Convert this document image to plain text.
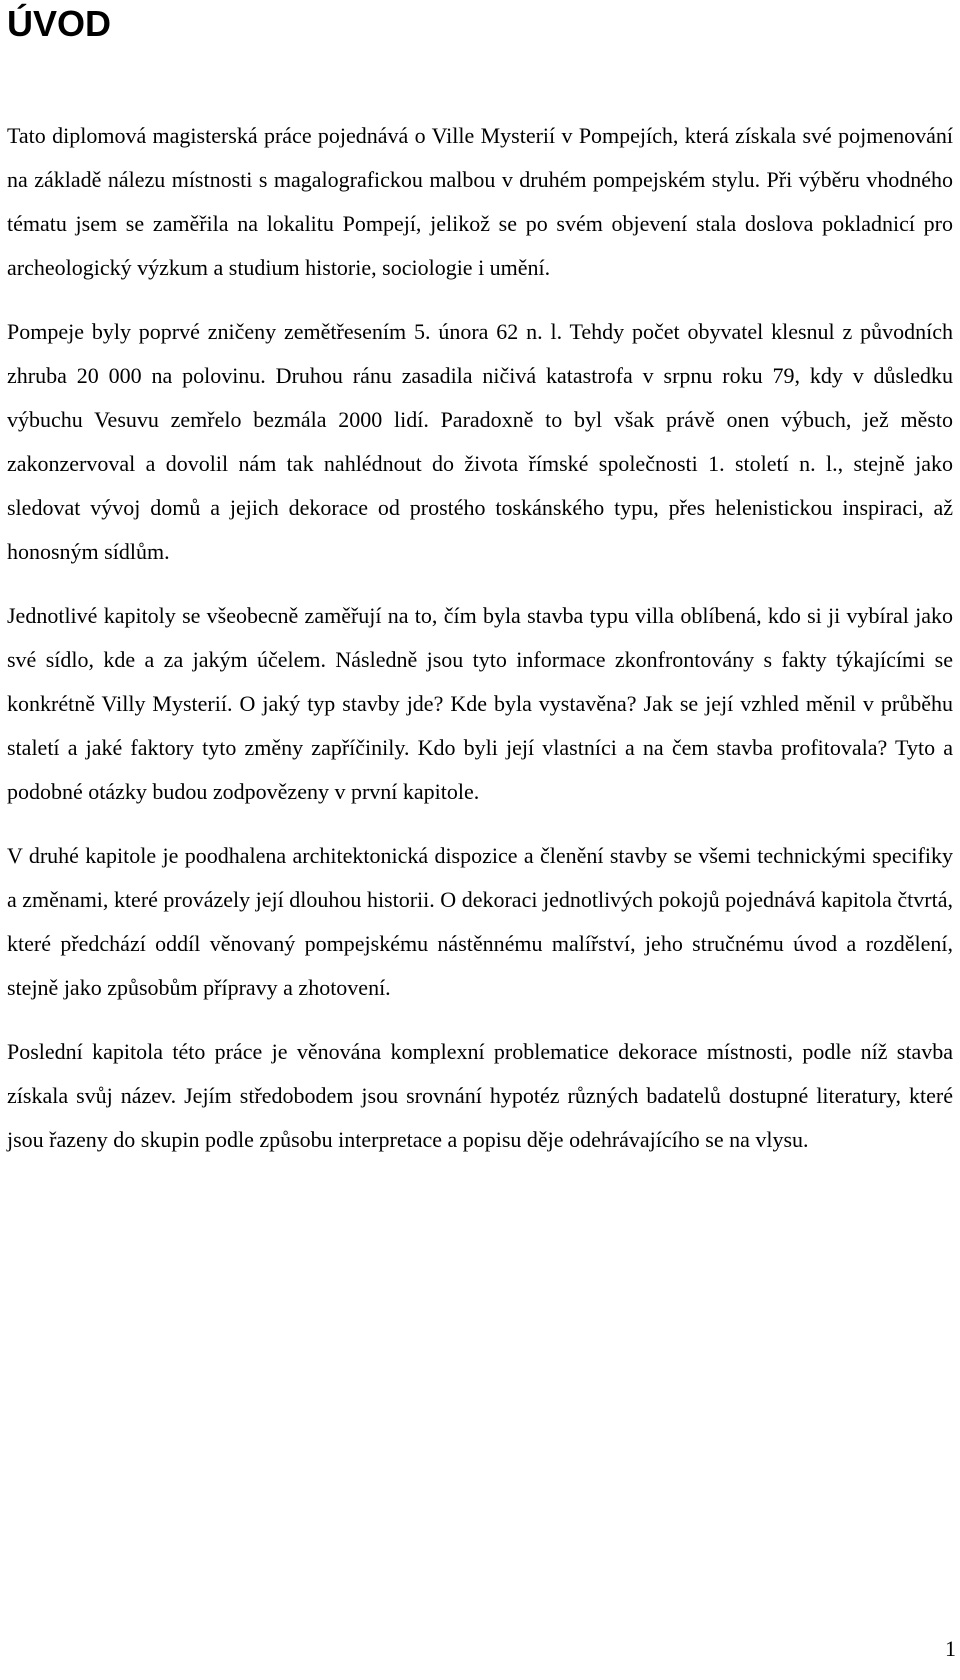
ÚVOD

Tato diplomová magisterská práce pojednává o Ville Mysterií v Pompejích, která získala své pojmenování na základě nálezu místnosti s magalografickou malbou v druhém pompejském stylu. Při výběru vhodného tématu jsem se zaměřila na lokalitu Pompejí, jelikož se po svém objevení stala doslova pokladnicí pro archeologický výzkum a studium historie, sociologie i umění.

Pompeje byly poprvé zničeny zemětřesením 5. února 62 n. l. Tehdy počet obyvatel klesnul z původních zhruba 20 000 na polovinu. Druhou ránu zasadila ničivá katastrofa v srpnu roku 79, kdy v důsledku výbuchu Vesuvu zemřelo bezmála 2000 lidí. Paradoxně to byl však právě onen výbuch, jež město zakonzervoval a dovolil nám tak nahlédnout do života římské společnosti 1. století n. l., stejně jako sledovat vývoj domů a jejich dekorace od prostého toskánského typu, přes helenistickou inspiraci, až honosným sídlům.

Jednotlivé kapitoly se všeobecně zaměřují na to, čím byla stavba typu villa oblíbená, kdo si ji vybíral jako své sídlo, kde a za jakým účelem. Následně jsou tyto informace zkonfrontovány s fakty týkajícími se konkrétně Villy Mysterií. O jaký typ stavby jde? Kde byla vystavěna? Jak se její vzhled měnil v průběhu staletí a jaké faktory tyto změny zapříčinily. Kdo byli její vlastníci a na čem stavba profitovala? Tyto a podobné otázky budou zodpovězeny v první kapitole.

V druhé kapitole je poodhalena architektonická dispozice a členění stavby se všemi technickými specifiky a změnami, které provázely její dlouhou historii. O dekoraci jednotlivých pokojů pojednává kapitola čtvrtá, které předchází oddíl věnovaný pompejskému nástěnnému malířství, jeho stručnému úvod a rozdělení, stejně jako způsobům přípravy a zhotovení.

Poslední kapitola této práce je věnována komplexní problematice dekorace místnosti, podle níž stavba získala svůj název. Jejím středobodem jsou srovnání hypotéz různých badatelů dostupné literatury, které jsou řazeny do skupin podle způsobu interpretace a popisu děje odehrávajícího se na vlysu.

1
